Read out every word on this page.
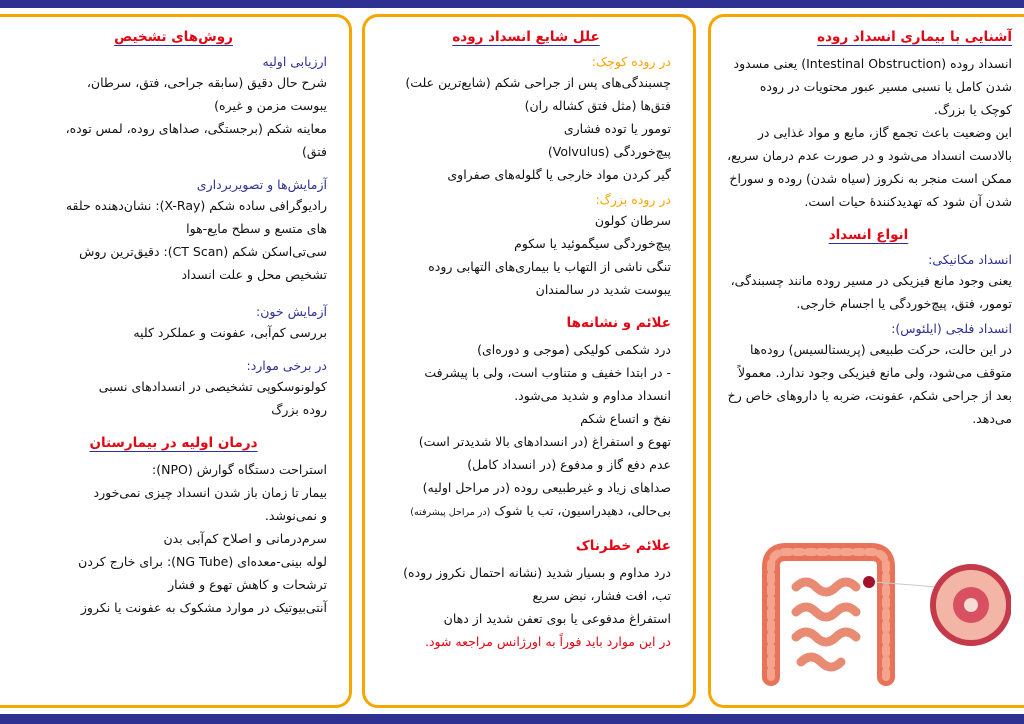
آشنایی با بیماری انسداد روده

انسداد روده (Intestinal Obstruction) یعنی مسدود شدن کامل یا نسبی مسیر عبور محتویات در روده کوچک یا بزرگ.

این وضعیت باعث تجمع گاز، مایع و مواد غذایی در بالادست انسداد می‌شود و در صورت عدم درمان سریع، ممکن است منجر به نکروز (سیاه شدن) روده و سوراخ شدن آن شود که تهدیدکنندهٔ حیات است.

انواع انسداد
انسداد مکانیکی:

یعنی وجود مانع فیزیکی در مسیر روده مانند چسبندگی، تومور، فتق، پیچ‌خوردگی یا اجسام خارجی.

انسداد فلجی (ایلئوس):

در این حالت، حرکت طبیعی (پریستالسیس) روده‌ها متوقف می‌شود، ولی مانع فیزیکی وجود ندارد. معمولاً بعد از جراحی شکم، عفونت، ضربه یا داروهای خاص رخ می‌دهد.

علل شایع انسداد روده
در روده کوچک:

چسبندگی‌های پس از جراحی شکم (شایع‌ترین علت)

فتق‌ها (مثل فتق کشاله ران)

تومور یا توده فشاری

پیچ‌خوردگی (Volvulus)

گیر کردن مواد خارجی یا گلوله‌های صفراوی

در روده بزرگ:

سرطان کولون

پیچ‌خوردگی سیگموئید یا سکوم

تنگی ناشی از التهاب یا بیماری‌های التهابی روده

یبوست شدید در سالمندان

علائم و نشانه‌ها

درد شکمی کولیکی (موجی و دوره‌ای)

- در ابتدا خفیف و متناوب است، ولی با پیشرفت

انسداد مداوم و شدید می‌شود.

نفخ و اتساع شکم

تهوع و استفراغ (در انسدادهای بالا شدیدتر است)

عدم دفع گاز و مدفوع (در انسداد کامل)

صداهای زیاد و غیرطبیعی روده (در مراحل اولیه)

بی‌حالی، دهیدراسیون، تب یا شوک (در مراحل پیشرفته)

علائم خطرناک

درد مداوم و بسیار شدید (نشانه احتمال نکروز روده)

تب، افت فشار، نبض سریع

استفراغ مدفوعی یا بوی تعفن شدید از دهان

در این موارد باید فوراً به اورژانس مراجعه شود.

روش‌های تشخیص
ارزیابی اولیه

شرح حال دقیق (سابقه جراحی، فتق، سرطان،

یبوست مزمن و غیره)

معاینه شکم (برجستگی، صداهای روده، لمس توده،

فتق)

آزمایش‌ها و تصویربرداری

رادیوگرافی ساده شکم (X-Ray): نشان‌دهنده حلقه

های متسع و سطح مایع-هوا

سی‌تی‌اسکن شکم (CT Scan): دقیق‌ترین روش

تشخیص محل و علت انسداد

آزمایش خون:

بررسی کم‌آبی، عفونت و عملکرد کلیه

در برخی موارد:

کولونوسکوپی تشخیصی در انسدادهای نسبی

روده بزرگ

درمان اولیه در بیمارستان

استراحت دستگاه گوارش (NPO):

بیمار تا زمان باز شدن انسداد چیزی نمی‌خورد

و نمی‌نوشد.

سرم‌درمانی و اصلاح کم‌آبی بدن

لوله بینی-معده‌ای (NG Tube): برای خارج کردن

ترشحات و کاهش تهوع و فشار

آنتی‌بیوتیک در موارد مشکوک به عفونت یا نکروز
